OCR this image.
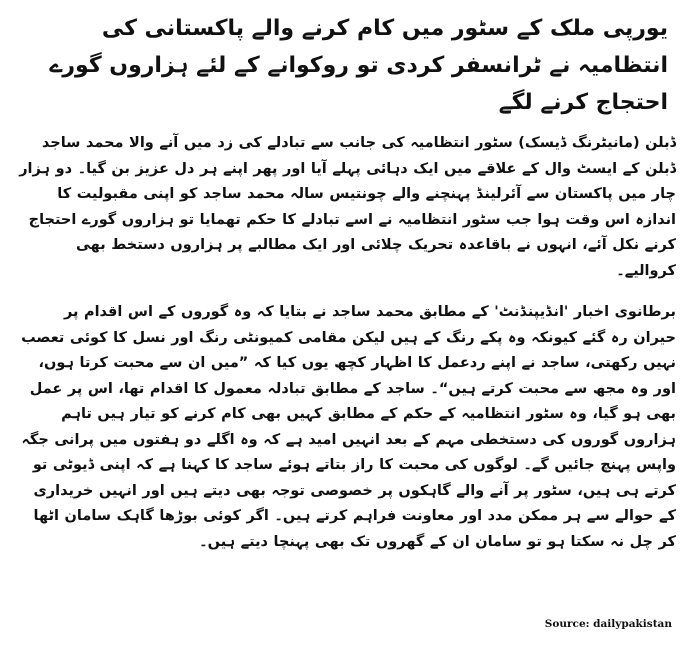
یورپی ملک کے سٹور میں کام کرنے والے پاکستانی کی انتظامیہ نے ٹرانسفر کردی تو روکوانے کے لئے ہزاروں گورے احتجاج کرنے لگے

ڈبلن (مانیٹرنگ ڈیسک) سٹور انتظامیہ کی جانب سے تبادلے کی زد میں آنے والا محمد ساجد ڈبلن کے ایسٹ وال کے علاقے میں ایک دہائی پہلے آیا اور پھر اپنے ہر دل عزیز بن گیا۔ دو ہزار چار میں پاکستان سے آئرلینڈ پہنچنے والے چونتیس سالہ محمد ساجد کو اپنی مقبولیت کا اندازہ اس وقت ہوا جب سٹور انتظامیہ نے اسے تبادلے کا حکم تھمایا تو ہزاروں گورے احتجاج کرنے نکل آئے، انہوں نے باقاعدہ تحریک چلائی اور ایک مطالبے پر ہزاروں دستخط بھی کروالیے۔

برطانوی اخبار 'انڈیپنڈنٹ' کے مطابق محمد ساجد نے بتایا کہ وہ گوروں کے اس اقدام پر حیران رہ گئے کیونکہ وہ پکے رنگ کے ہیں لیکن مقامی کمیونٹی رنگ اور نسل کا کوئی تعصب نہیں رکھتی، ساجد نے اپنے ردعمل کا اظہار کچھ یوں کیا کہ ”میں ان سے محبت کرتا ہوں، اور وہ مجھ سے محبت کرتے ہیں“۔ ساجد کے مطابق تبادلہ معمول کا اقدام تھا، اس پر عمل بھی ہو گیا، وہ سٹور انتظامیہ کے حکم کے مطابق کہیں بھی کام کرنے کو تیار ہیں تاہم ہزاروں گوروں کی دستخطی مہم کے بعد انہیں امید ہے کہ وہ اگلے دو ہفتوں میں پرانی جگہ واپس پہنچ جائیں گے۔ لوگوں کی محبت کا راز بتاتے ہوئے ساجد کا کہنا ہے کہ اپنی ڈیوٹی تو کرتے ہی ہیں، سٹور پر آنے والے گاہکوں پر خصوصی توجہ بھی دیتے ہیں اور انہیں خریداری کے حوالے سے ہر ممکن مدد اور معاونت فراہم کرتے ہیں۔ اگر کوئی بوڑھا گاہک سامان اٹھا کر چل نہ سکتا ہو تو سامان ان کے گھروں تک بھی پہنچا دیتے ہیں۔

Source: dailypakistan
